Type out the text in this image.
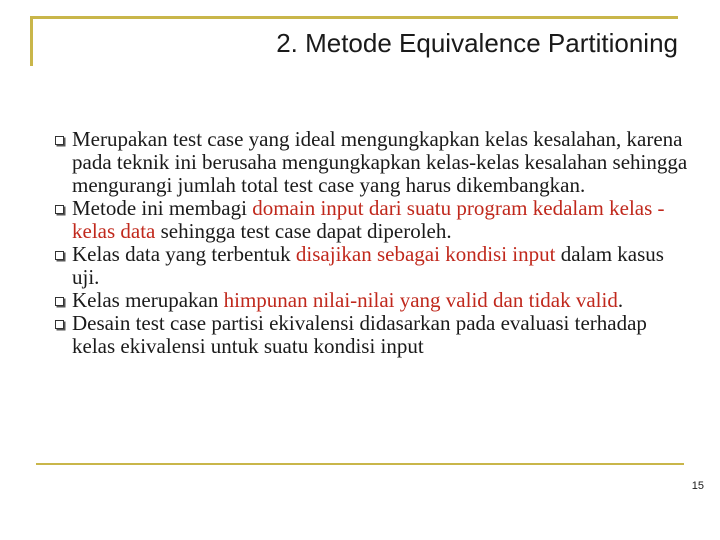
2. Metode Equivalence Partitioning
Merupakan test case yang ideal mengungkapkan kelas kesalahan, karena pada teknik ini berusaha mengungkapkan kelas-kelas kesalahan sehingga mengurangi jumlah total test case yang harus dikembangkan.
Metode ini membagi domain input dari suatu program kedalam kelas - kelas data sehingga test case dapat diperoleh.
Kelas data yang terbentuk disajikan sebagai kondisi input dalam kasus uji.
Kelas merupakan himpunan nilai-nilai yang valid dan tidak valid.
Desain test case partisi ekivalensi didasarkan pada evaluasi terhadap kelas ekivalensi untuk suatu kondisi input
15
